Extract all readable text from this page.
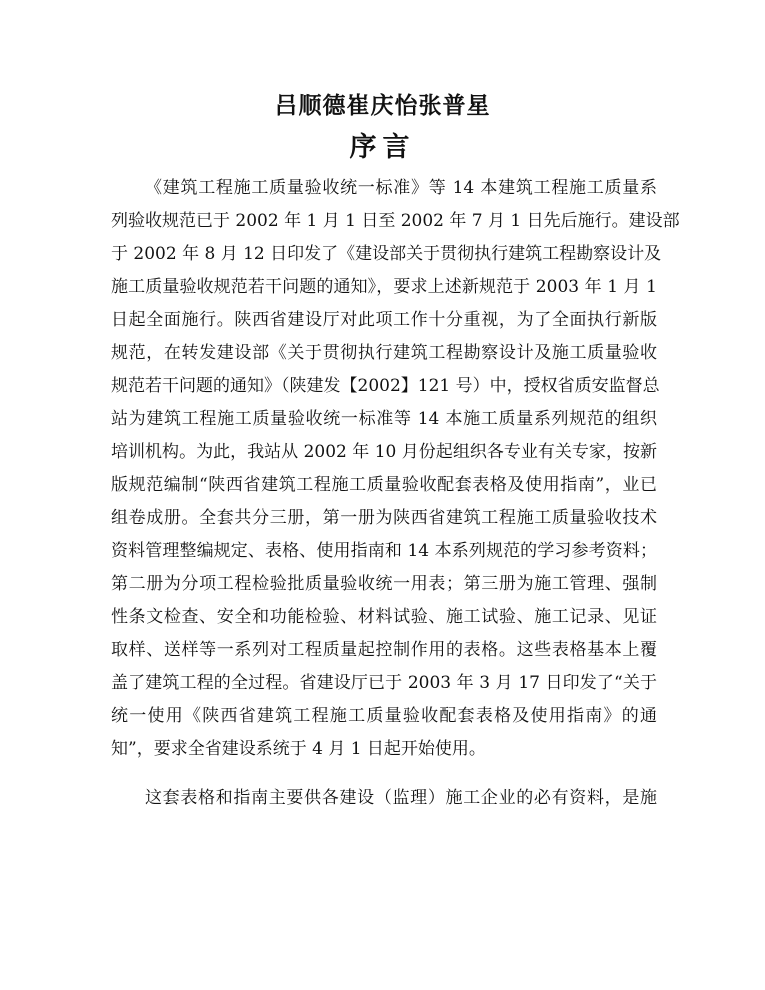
吕顺德崔庆怡张普星
序言
《建筑工程施工质量验收统一标准》等 14 本建筑工程施工质量系
列验收规范已于 2002 年 1 月 1 日至 2002 年 7 月 1 日先后施行。建设部
于 2002 年 8 月 12 日印发了《建设部关于贯彻执行建筑工程勘察设计及
施工质量验收规范若干问题的通知》，要求上述新规范于 2003 年 1 月 1
日起全面施行。陕西省建设厅对此项工作十分重视，为了全面执行新版
规范，在转发建设部《关于贯彻执行建筑工程勘察设计及施工质量验收
规范若干问题的通知》（陕建发【2002】121 号）中，授权省质安监督总
站为建筑工程施工质量验收统一标准等 14 本施工质量系列规范的组织
培训机构。为此，我站从 2002 年 10 月份起组织各专业有关专家，按新
版规范编制“陕西省建筑工程施工质量验收配套表格及使用指南”，业已
组卷成册。全套共分三册，第一册为陕西省建筑工程施工质量验收技术
资料管理整编规定、表格、使用指南和 14 本系列规范的学习参考资料；
第二册为分项工程检验批质量验收统一用表；第三册为施工管理、强制
性条文检查、安全和功能检验、材料试验、施工试验、施工记录、见证
取样、送样等一系列对工程质量起控制作用的表格。这些表格基本上覆
盖了建筑工程的全过程。省建设厅已于 2003 年 3 月 17 日印发了“关于
统一使用《陕西省建筑工程施工质量验收配套表格及使用指南》的通
知”，要求全省建设系统于 4 月 1 日起开始使用。
这套表格和指南主要供各建设（监理）施工企业的必有资料，是施
